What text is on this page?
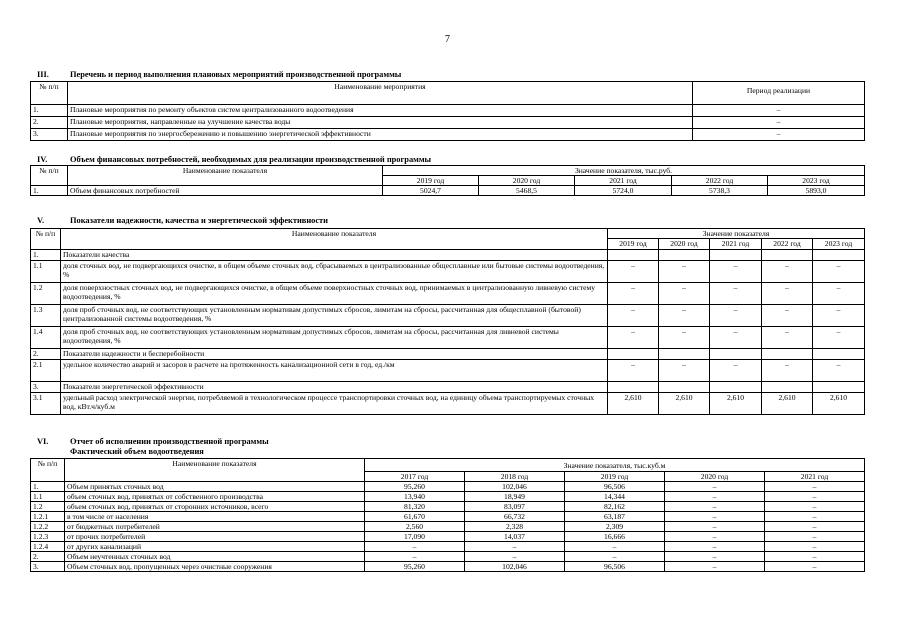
7
III.	Перечень и период выполнения плановых мероприятий производственной программы
№ п/п	Наименование мероприятия	Период реализации
1.	Плановые мероприятия по ремонту объектов систем централизованного водоотведения	–
2.	Плановые мероприятия, направленные на улучшение качества воды	–
3.	Плановые мероприятия по энергосбережению и повышению энергетической эффективности	–
IV.	Объем финансовых потребностей, необходимых для реализации производственной программы
№ п/п	Наименование показателя	Значение показателя, тыс.руб.				
		2019 год	2020 год	2021 год	2022 год	2023 год
1.	Объем финансовых потребностей	5024,7	5468,5	5724,0	5738,3	5893,0
V.	Показатели надежности, качества и энергетической эффективности
№ п/п	Наименование показателя	Значение показателя				
		2019 год	2020 год	2021 год	2022 год	2023 год
1.	Показатели качества					
1.1	доля сточных вод, не подвергающихся очистке, в общем объеме сточных вод, сбрасываемых в централизованные общесплавные или бытовые системы водоотведения, %	–	–	–	–	–
1.2	доля поверхностных сточных вод, не подвергающихся очистке, в общем объеме поверхностных сточных вод, принимаемых в централизованную ливневую систему водоотведения, %	–	–	–	–	–
1.3	доля проб сточных вод, не соответствующих установленным нормативам допустимых сбросов, лимитам на сбросы, рассчитанная для общесплавной (бытовой) централизованной системы водоотведения, %	–	–	–	–	–
1.4	доля проб сточных вод, не соответствующих установленным нормативам допустимых сбросов, лимитам на сбросы, рассчитанная для ливневой системы водоотведения, %	–	–	–	–	–
2.	Показатели надежности и бесперебойности					
2.1	удельное количество аварий и засоров в расчете на протяженность канализационной сети в год, ед./км	–	–	–	–	–
3.	Показатели энергетической эффективности					
3.1	удельный расход электрической энергии, потребляемой в технологическом процессе транспортировки сточных вод, на единицу объема транспортируемых сточных вод, кВт.ч/куб.м	2,610	2,610	2,610	2,610	2,610
VI.	Отчет об исполнении производственной программы
Фактический объем водоотведения
№ п/п	Наименование показателя	Значение показателя, тыс.куб.м				
		2017 год	2018 год	2019 год	2020 год	2021 год
1.	Объем принятых сточных вод	95,260	102,046	96,506	–	–
1.1	объем сточных вод, принятых от собственного производства	13,940	18,949	14,344	–	–
1.2	объем сточных вод, принятых от сторонних источников, всего	81,320	83,097	82,162	–	–
1.2.1	в том числе от населения	61,670	66,732	63,187	–	–
1.2.2	от бюджетных потребителей	2,560	2,328	2,309	–	–
1.2.3	от прочих потребителей	17,090	14,037	16,666	–	–
1.2.4	от других канализаций	–	–	–	–	–
2.	Объем неучтенных сточных вод	–	–	–	–	–
3.	Объем сточных вод, пропущенных через очистные сооружения	95,260	102,046	96,506	–	–
